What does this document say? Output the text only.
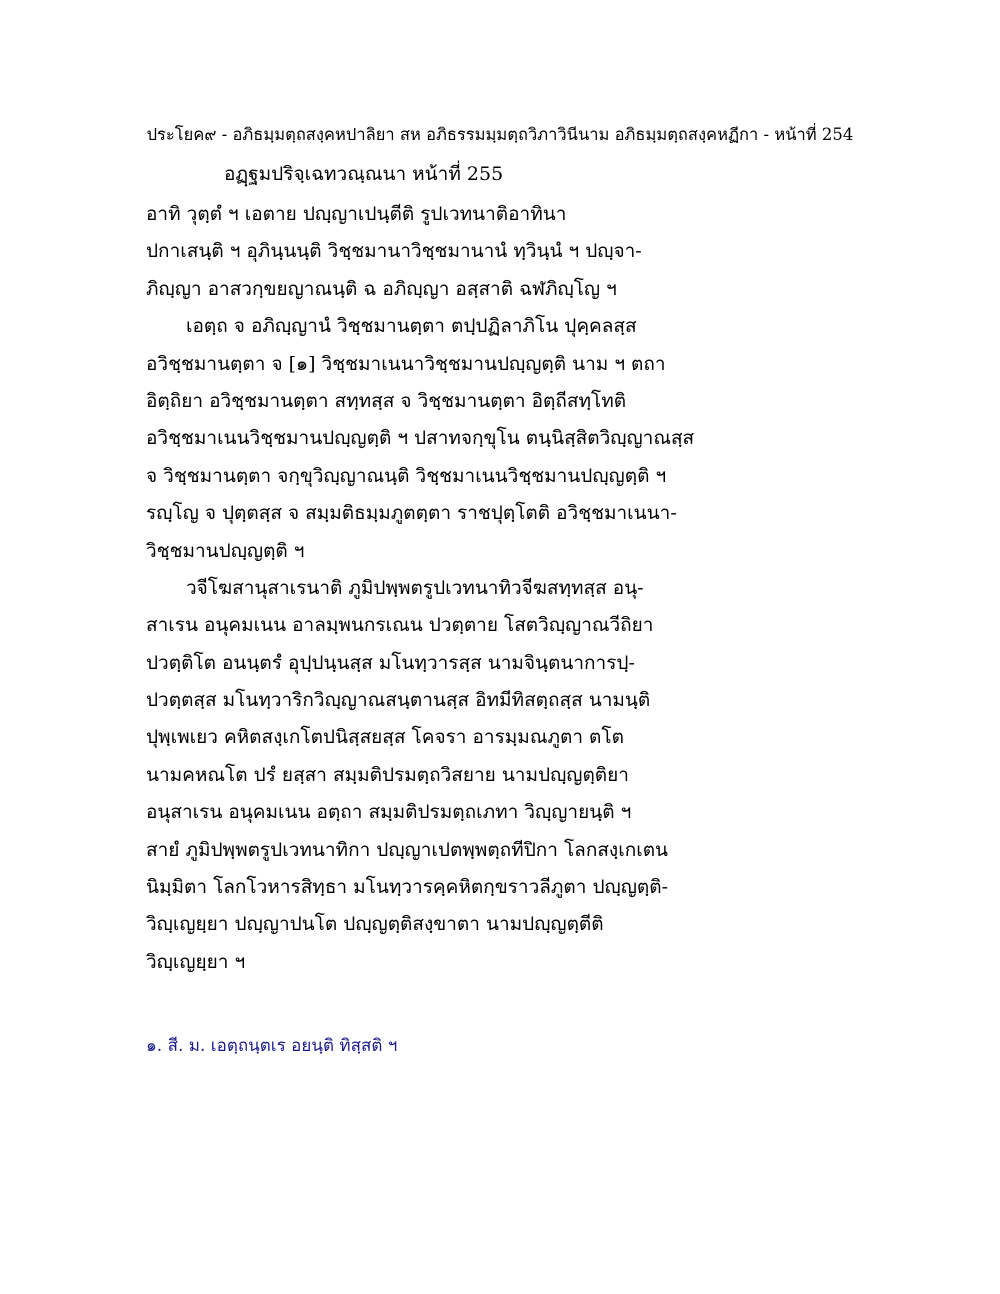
ประโยค๙ - อภิธมฺมตฺถสงฺคหปาลิยา สห อภิธรรมมฺมตฺถวิภาวินีนาม อภิธมฺมตฺถสงฺคหฏีกา - หน้าที่ 254
อฏฺฐมปริจฺเฉทวณฺณนา หน้าที่ 255
อาทิ วุตฺตํ ฯ เอตาย ปญฺญาเปนฺตีติ รูปเวทนาติอาทินา
ปกาเสนฺติ ฯ อุภินฺนนฺติ วิชฺชมานาวิชฺชมานานํ ทฺวินฺนํ ฯ ปญฺจา-
ภิญฺญา อาสวกฺขยญาณนฺติ ฉ อภิญฺญา อสฺสาติ ฉฬภิญฺโญ ฯ
เอตฺถ จ อภิญฺญานํ วิชฺชมานตฺตา ตปฺปฏิลาภิโน ปุคฺคลสฺส
อวิชฺชมานตฺตา จ [๑] วิชฺชมาเนนาวิชฺชมานปญฺญตฺติ นาม ฯ ตถา
อิตฺถิยา อวิชฺชมานตฺตา สทฺทสฺส จ วิชฺชมานตฺตา อิตฺถีสทฺโทติ
อวิชฺชมาเนนวิชฺชมานปญฺญตฺติ ฯ ปสาทจกฺขุโน ตนฺนิสฺสิตวิญฺญาณสฺส
จ วิชฺชมานตฺตา จกฺขุวิญฺญาณนฺติ วิชฺชมาเนนวิชฺชมานปญฺญตฺติ ฯ
รญฺโญ จ ปุตฺตสฺส จ สมฺมติธมฺมภูตตฺตา ราชปุตฺโตติ อวิชฺชมาเนนา-
วิชฺชมานปญฺญตฺติ ฯ
วจีโฆสานุสาเรนาติ ภูมิปพฺพตรูปเวทนาทิวจีฆสทฺทสฺส อนุ-
สาเรน อนุคมเนน อาลมฺพนกรเณน ปวตฺตาย โสตวิญฺญาณวีถิยา
ปวตฺติโต อนนฺตรํ อุปฺปนฺนสฺส มโนทฺวารสฺส นามจินฺตนาการปฺ-
ปวตฺตสฺส มโนทฺวาริกวิญฺญาณสนฺตานสฺส อิทมีทิสตฺถสฺส นามนฺติ
ปุพฺเพเยว คหิตสงฺเกโตปนิสฺสยสฺส โคจรา อารมฺมณภูตา ตโต
นามคหณโต ปรํ ยสฺสา สมฺมติปรมตฺถวิสยาย นามปญฺญตฺติยา
อนุสาเรน อนุคมเนน อตฺถา สมฺมติปรมตฺถเภทา วิญฺญายนฺติ ฯ
สายํ ภูมิปพฺพตรูปเวทนาทิกา ปญฺญาเปตพฺพตฺถทีปิกา โลกสงฺเกเตน
นิมฺมิตา โลกโวหารสิทฺธา มโนทฺวารคฺคหิตกฺขราวลีภูตา ปญฺญตฺติ-
วิญฺเญยฺยา ปญฺญาปนโต ปญฺญตฺติสงฺขาตา นามปญฺญตฺตีติ
วิญฺเญยฺยา ฯ
๑. สี. ม. เอตฺถนฺตเร อยนฺติ ทิสฺสติ ฯ
